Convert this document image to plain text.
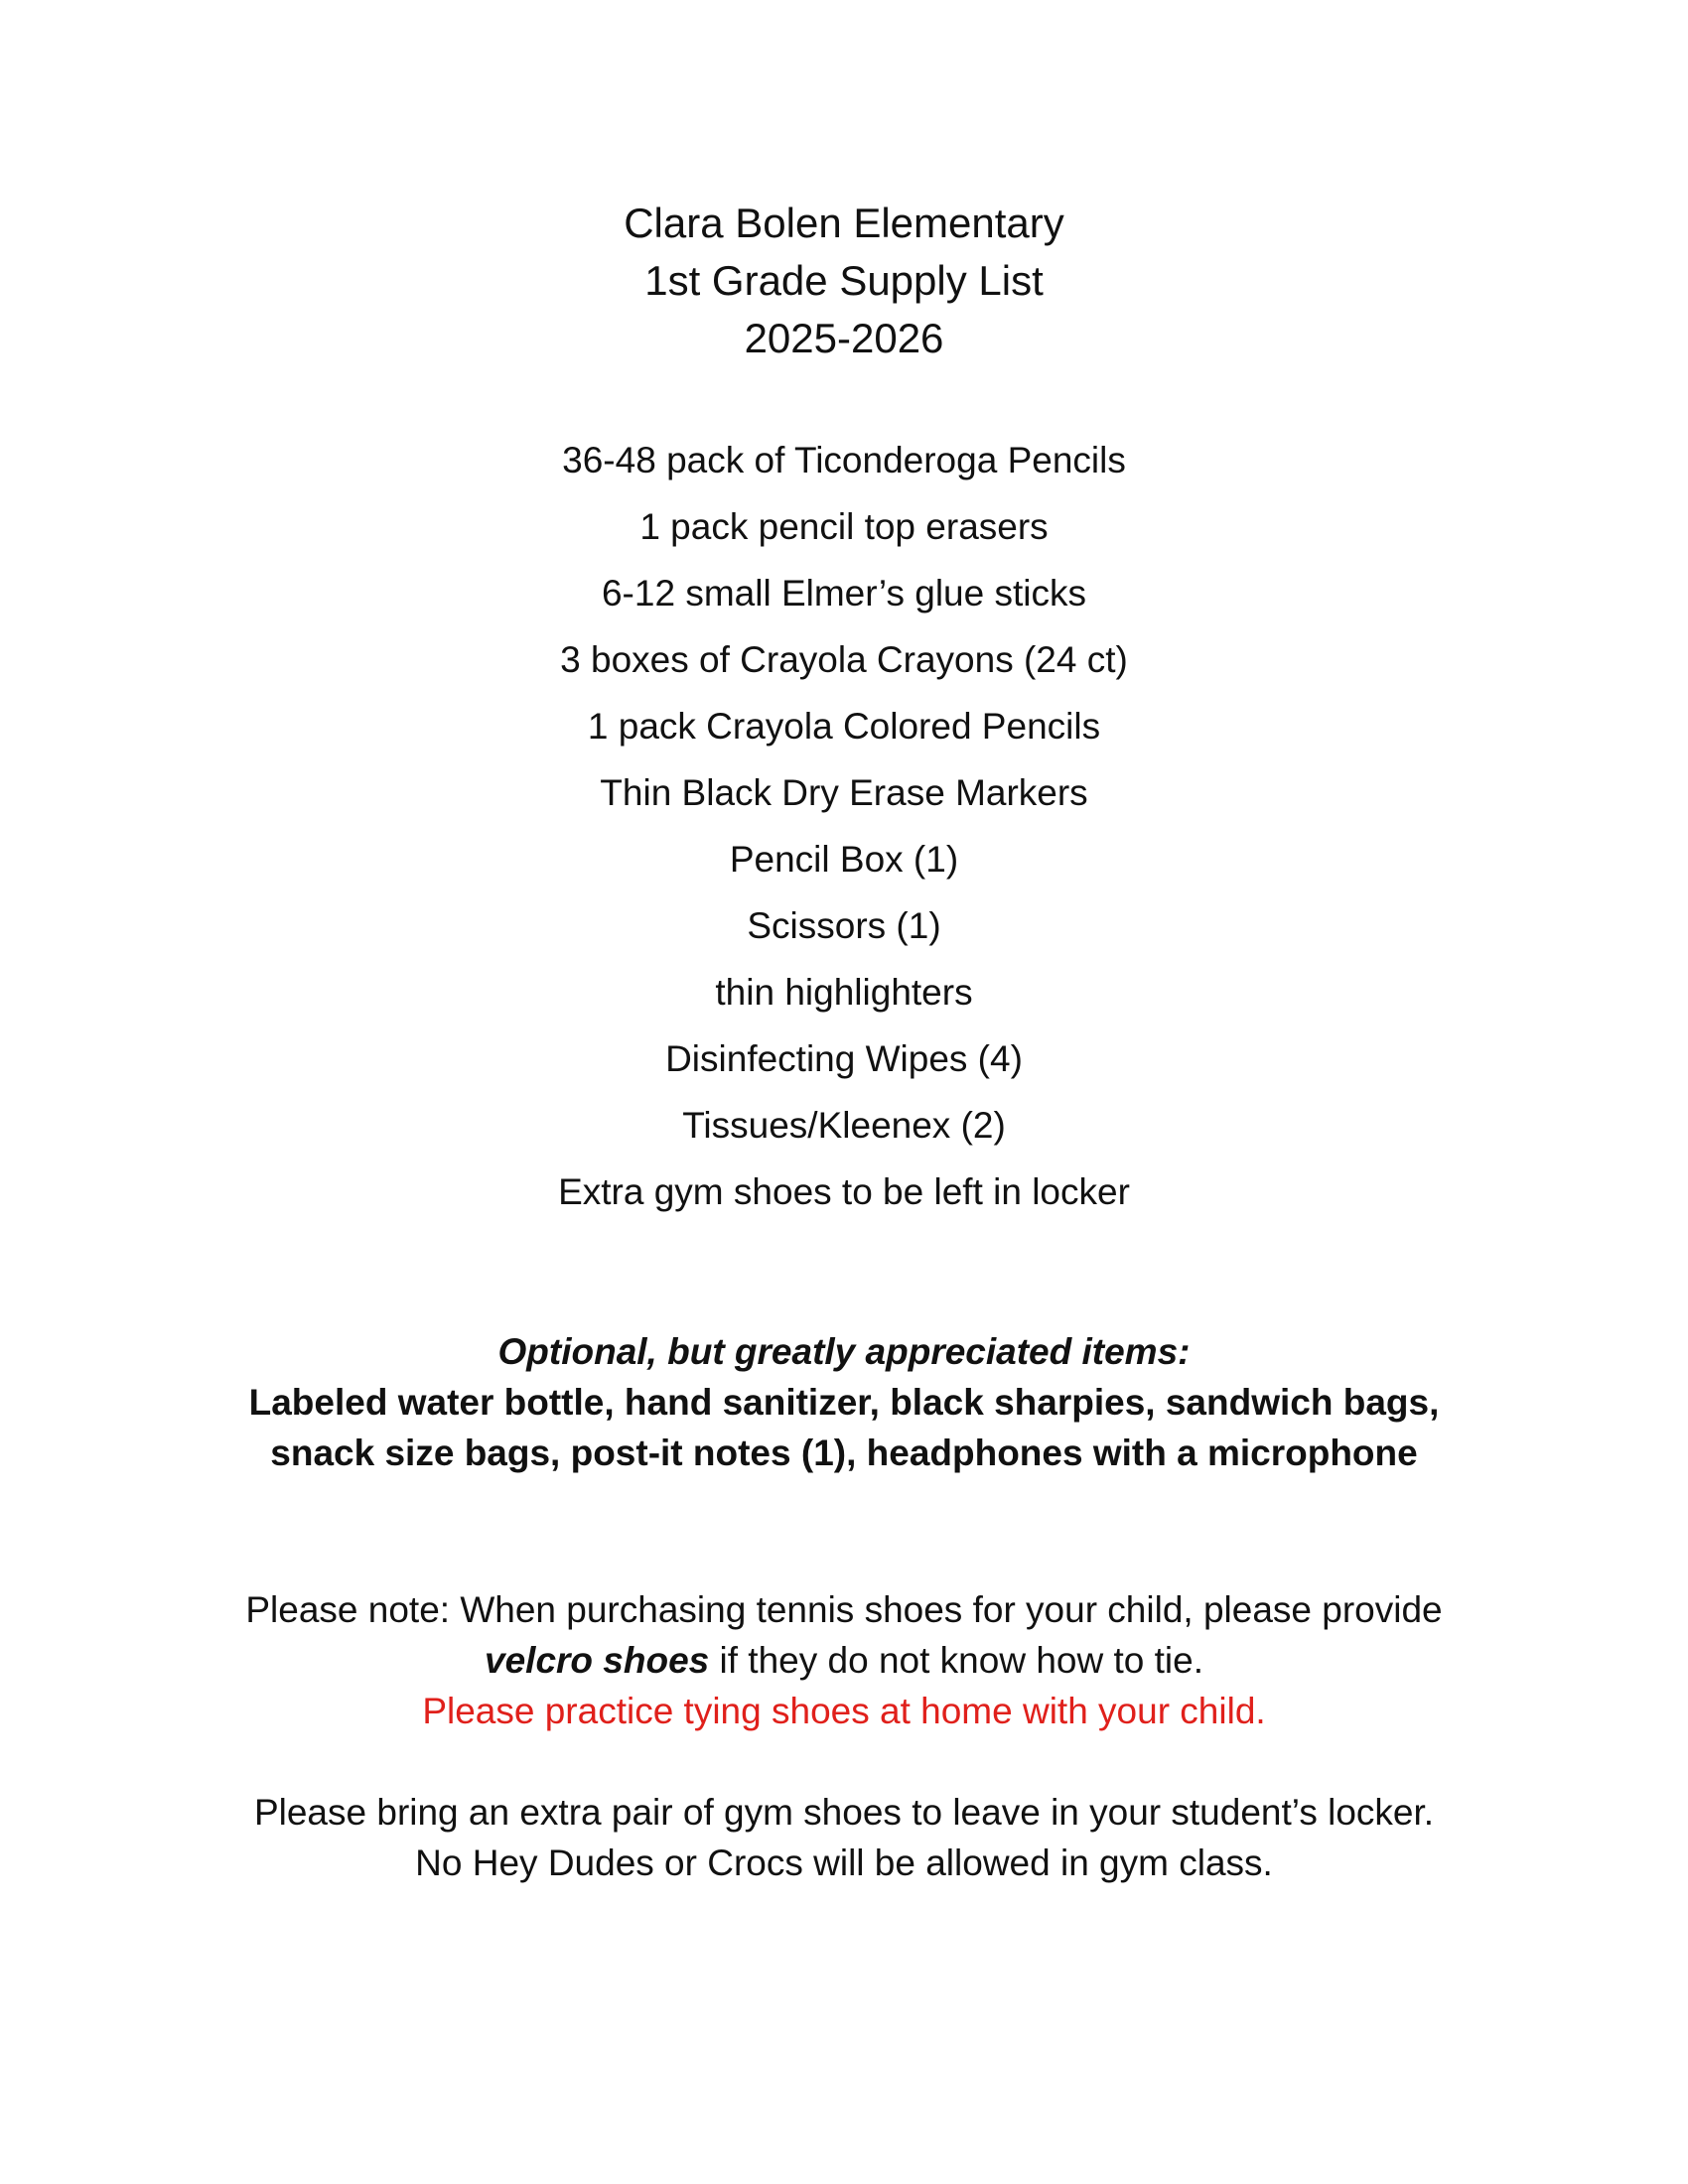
Clara Bolen Elementary
1st Grade Supply List
2025-2026
36-48 pack of Ticonderoga Pencils
1 pack pencil top erasers
6-12 small Elmer’s glue sticks
3 boxes of Crayola Crayons (24 ct)
1 pack Crayola Colored Pencils
Thin Black Dry Erase Markers
Pencil Box (1)
Scissors (1)
thin highlighters
Disinfecting Wipes (4)
Tissues/Kleenex (2)
Extra gym shoes to be left in locker
Optional, but greatly appreciated items:
Labeled water bottle, hand sanitizer, black sharpies, sandwich bags,
snack size bags, post-it notes (1), headphones with a microphone
Please note: When purchasing tennis shoes for your child, please provide
velcro shoes if they do not know how to tie.
Please practice tying shoes at home with your child.
Please bring an extra pair of gym shoes to leave in your student’s locker.
No Hey Dudes or Crocs will be allowed in gym class.
